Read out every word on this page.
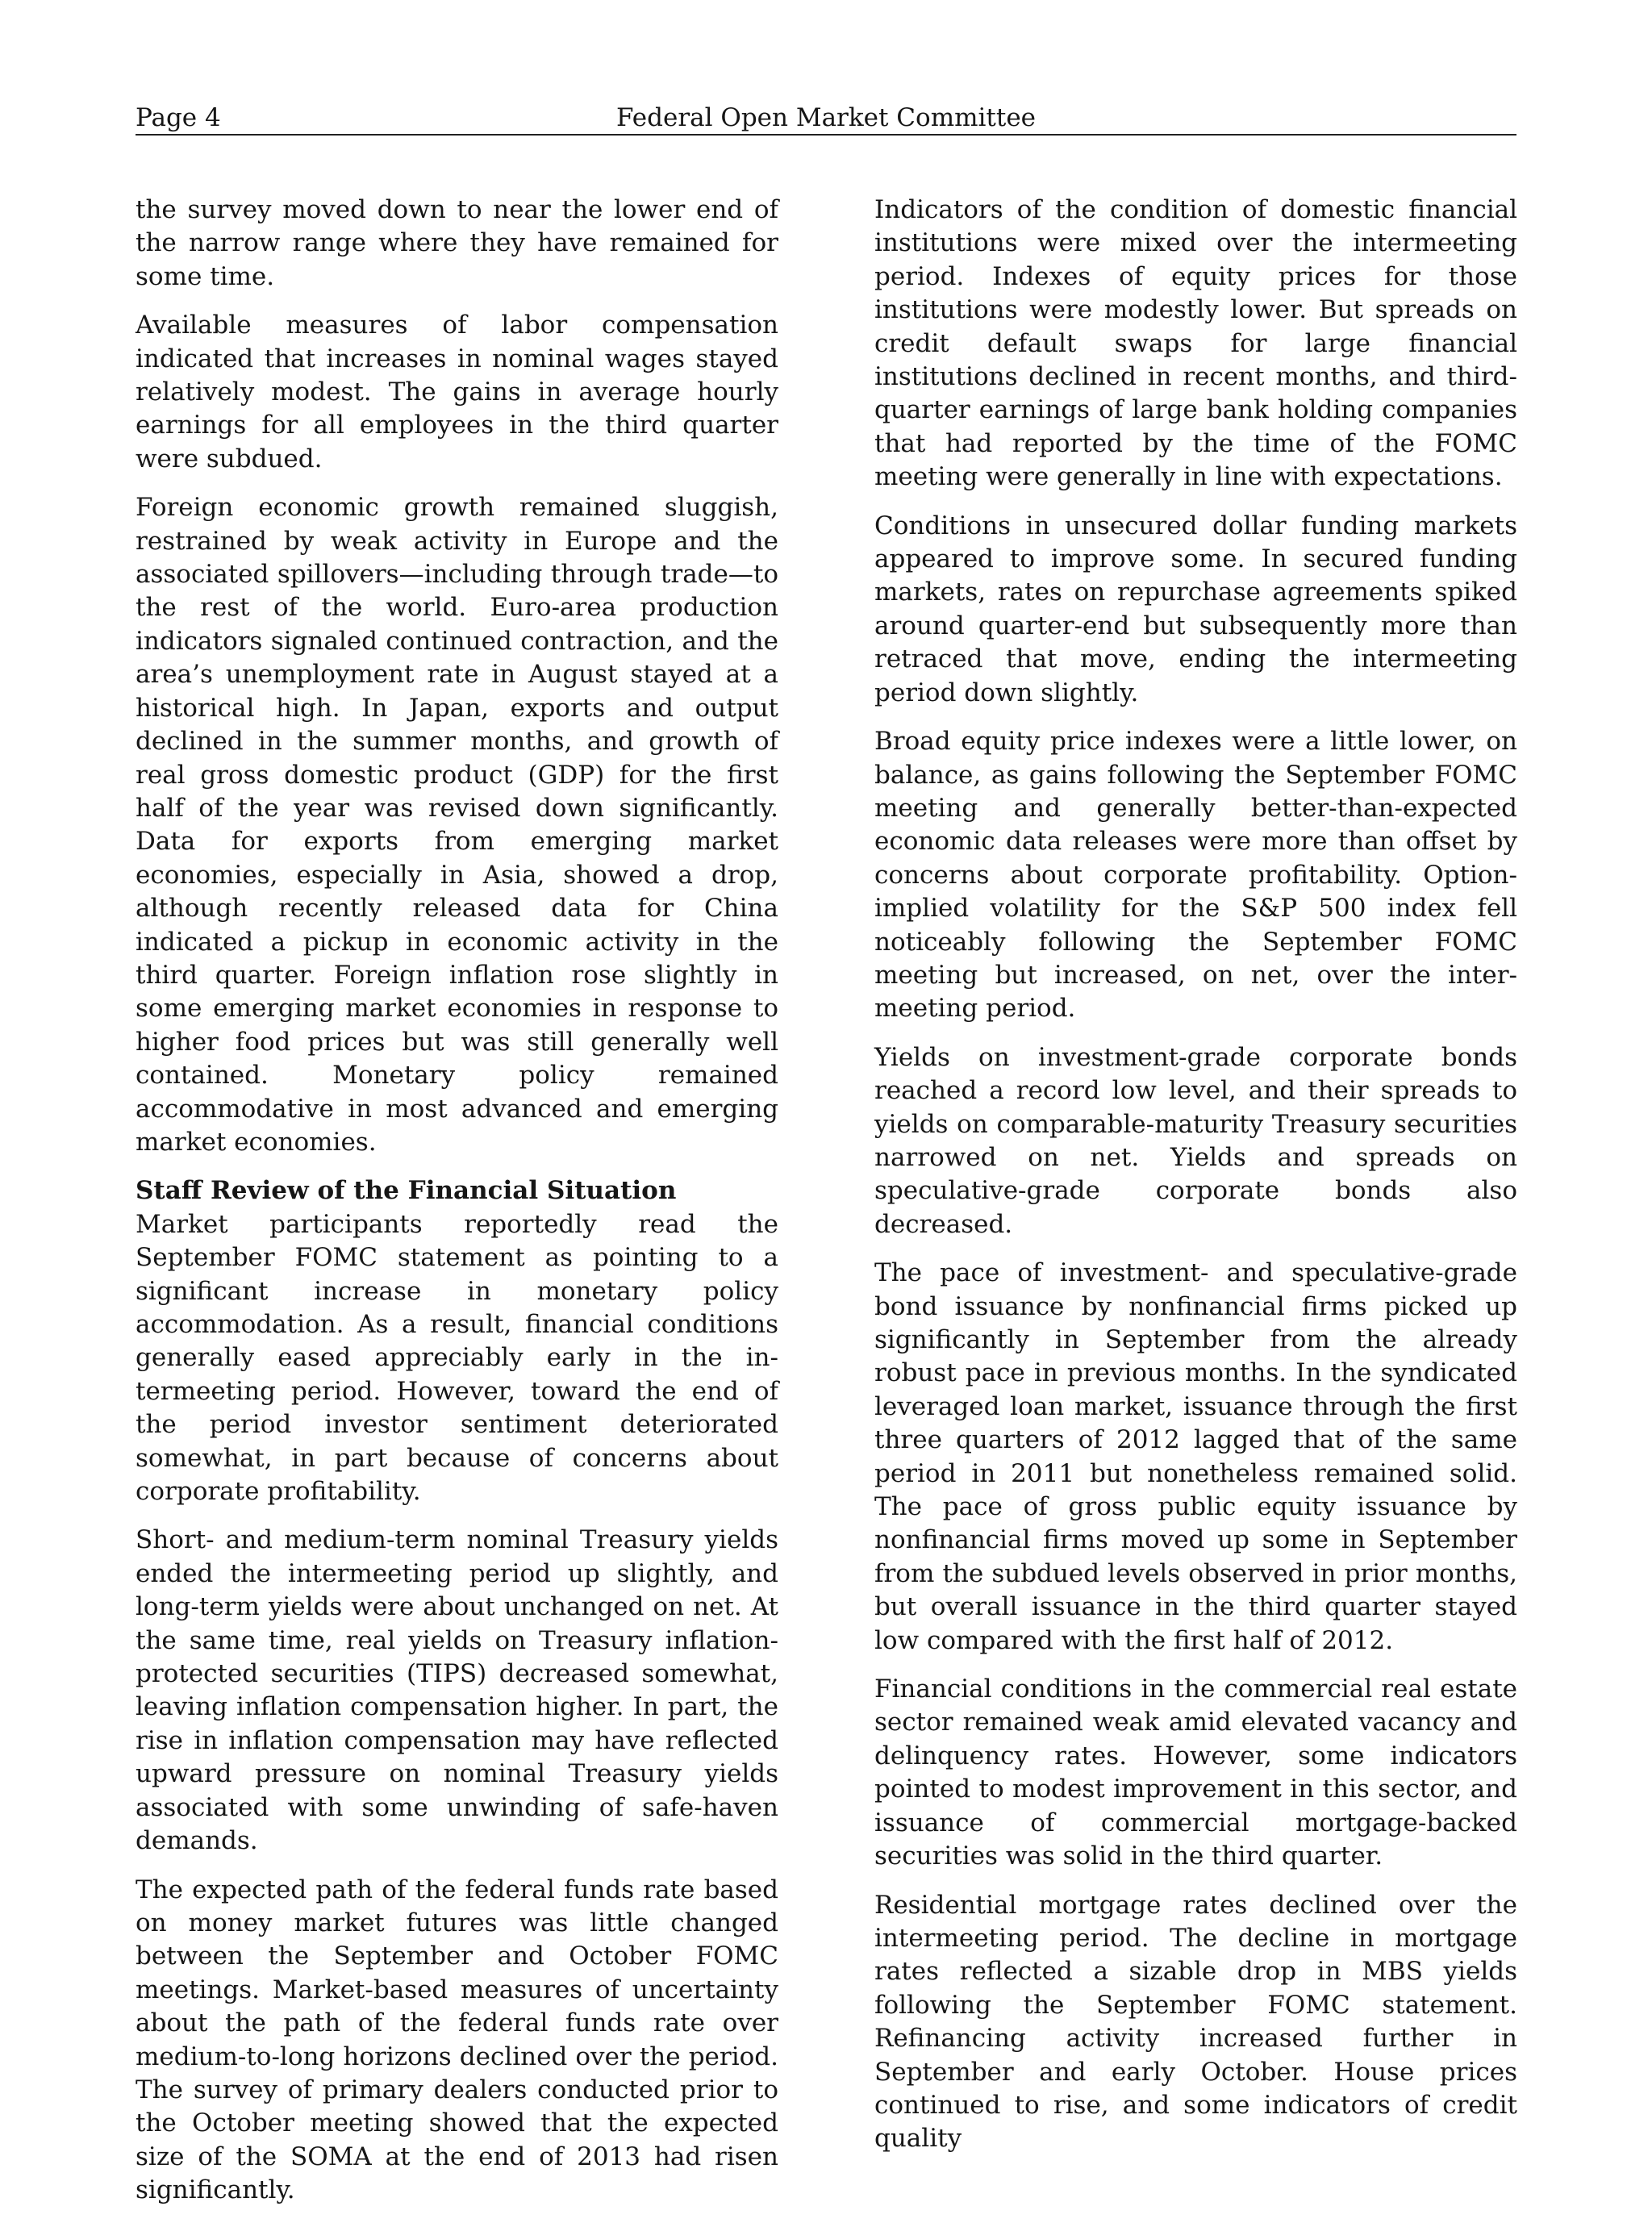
Page 4	Federal Open Market Committee

the survey moved down to near the lower end of the narrow range where they have remained for some time.

Available measures of labor compensation indicated that increases in nominal wages stayed relatively modest. The gains in average hourly earnings for all employees in the third quarter were subdued.

Foreign economic growth remained sluggish, restrained by weak activity in Europe and the associated spillovers—including through trade—to the rest of the world. Euro-area production indicators signaled continued contraction, and the area’s unemployment rate in August stayed at a historical high. In Japan, exports and output declined in the summer months, and growth of real gross domestic product (GDP) for the first half of the year was revised down significantly. Data for exports from emerging market economies, especially in Asia, showed a drop, although recently released data for China indicated a pickup in economic activity in the third quarter. Foreign inflation rose slightly in some emerging market economies in response to higher food prices but was still generally well contained. Monetary policy remained accommodative in most advanced and emerging market economies.

Staff Review of the Financial Situation

Market participants reportedly read the September FOMC statement as pointing to a significant increase in monetary policy accommodation. As a result, financial conditions generally eased appreciably early in the intermeeting period. However, toward the end of the period investor sentiment deteriorated somewhat, in part because of concerns about corporate profitability.

Short- and medium-term nominal Treasury yields ended the intermeeting period up slightly, and long-term yields were about unchanged on net. At the same time, real yields on Treasury inflation-protected securities (TIPS) decreased somewhat, leaving inflation compensation higher. In part, the rise in inflation compensation may have reflected upward pressure on nominal Treasury yields associated with some unwinding of safe-haven demands.

The expected path of the federal funds rate based on money market futures was little changed between the September and October FOMC meetings. Market-based measures of uncertainty about the path of the federal funds rate over medium-to-long horizons declined over the period. The survey of primary dealers conducted prior to the October meeting showed that the expected size of the SOMA at the end of 2013 had risen significantly.

Indicators of the condition of domestic financial institutions were mixed over the intermeeting period. Indexes of equity prices for those institutions were modestly lower. But spreads on credit default swaps for large financial institutions declined in recent months, and third-quarter earnings of large bank holding companies that had reported by the time of the FOMC meeting were generally in line with expectations.

Conditions in unsecured dollar funding markets appeared to improve some. In secured funding markets, rates on repurchase agreements spiked around quarter-end but subsequently more than retraced that move, ending the intermeeting period down slightly.

Broad equity price indexes were a little lower, on balance, as gains following the September FOMC meeting and generally better-than-expected economic data releases were more than offset by concerns about corporate profitability. Option-implied volatility for the S&P 500 index fell noticeably following the September FOMC meeting but increased, on net, over the intermeeting period.

Yields on investment-grade corporate bonds reached a record low level, and their spreads to yields on comparable-maturity Treasury securities narrowed on net. Yields and spreads on speculative-grade corporate bonds also decreased.

The pace of investment- and speculative-grade bond issuance by nonfinancial firms picked up significantly in September from the already robust pace in previous months. In the syndicated leveraged loan market, issuance through the first three quarters of 2012 lagged that of the same period in 2011 but nonetheless remained solid. The pace of gross public equity issuance by nonfinancial firms moved up some in September from the subdued levels observed in prior months, but overall issuance in the third quarter stayed low compared with the first half of 2012.

Financial conditions in the commercial real estate sector remained weak amid elevated vacancy and delinquency rates. However, some indicators pointed to modest improvement in this sector, and issuance of commercial mortgage-backed securities was solid in the third quarter.

Residential mortgage rates declined over the intermeeting period. The decline in mortgage rates reflected a sizable drop in MBS yields following the September FOMC statement. Refinancing activity increased further in September and early October. House prices continued to rise, and some indicators of credit quality
